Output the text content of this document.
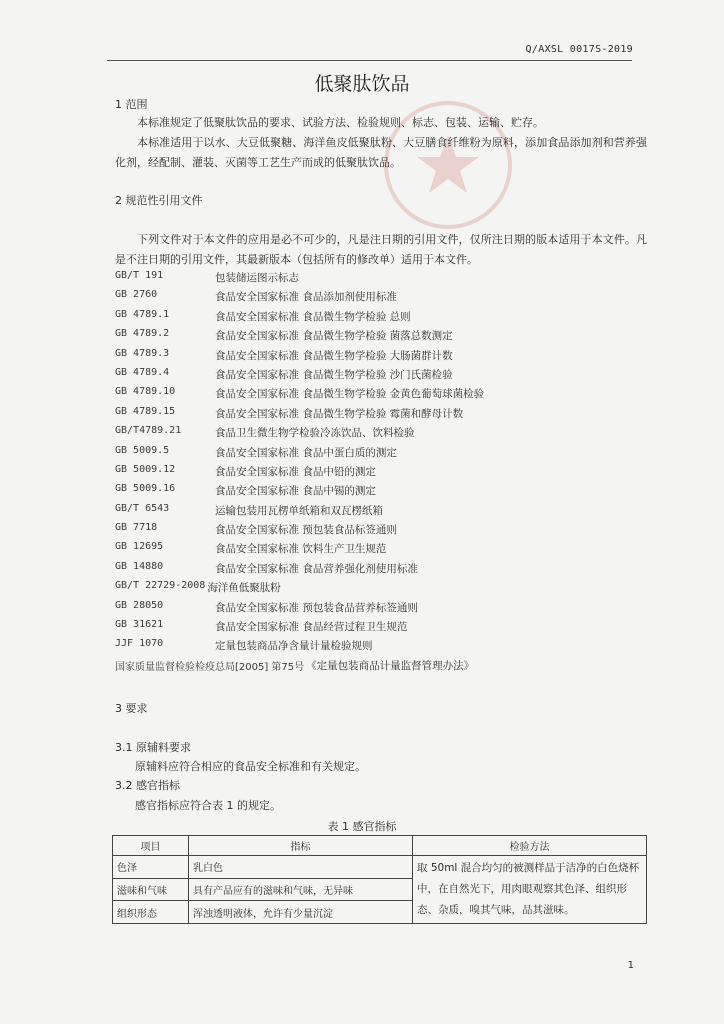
Q/AXSL 0017S-2019
低聚肽饮品
1 范围
本标准规定了低聚肽饮品的要求、试验方法、检验规则、标志、包装、运输、贮存。
本标准适用于以水、大豆低聚糖、海洋鱼皮低聚肽粉、大豆膳食纤维粉为原料，添加食品添加剂和营养强化剂，经配制、灌装、灭菌等工艺生产而成的低聚肽饮品。
2 规范性引用文件
下列文件对于本文件的应用是必不可少的，凡是注日期的引用文件，仅所注日期的版本适用于本文件。凡是不注日期的引用文件，其最新版本（包括所有的修改单）适用于本文件。
GB/T 191	包装储运图示标志
GB 2760	食品安全国家标准 食品添加剂使用标准
GB 4789.1	食品安全国家标准 食品微生物学检验 总则
GB 4789.2	食品安全国家标准 食品微生物学检验 菌落总数测定
GB 4789.3	食品安全国家标准 食品微生物学检验 大肠菌群计数
GB 4789.4	食品安全国家标准 食品微生物学检验 沙门氏菌检验
GB 4789.10	食品安全国家标准 食品微生物学检验 金黄色葡萄球菌检验
GB 4789.15	食品安全国家标准 食品微生物学检验 霉菌和酵母计数
GB/T4789.21	食品卫生微生物学检验冷冻饮品、饮料检验
GB 5009.5	食品安全国家标准 食品中蛋白质的测定
GB 5009.12	食品安全国家标准 食品中铅的测定
GB 5009.16	食品安全国家标准 食品中锡的测定
GB/T 6543	运输包装用瓦楞单纸箱和双瓦楞纸箱
GB 7718	食品安全国家标准 预包装食品标签通则
GB 12695	食品安全国家标准 饮料生产卫生规范
GB 14880	食品安全国家标准 食品营养强化剂使用标准
GB/T 22729-2008 海洋鱼低聚肽粉
GB 28050	食品安全国家标准 预包装食品营养标签通则
GB 31621	食品安全国家标准 食品经营过程卫生规范
JJF 1070	定量包装商品净含量计量检验规则
国家质量监督检验检疫总局[2005] 第75号 《定量包装商品计量监督管理办法》
3 要求
3.1 原辅料要求
原辅料应符合相应的食品安全标准和有关规定。
3.2 感官指标
感官指标应符合表 1 的规定。
表 1 感官指标
项目	指标	检验方法
色泽	乳白色	取 50ml 混合均匀的被测样品于洁净的白色烧杯中，在自然光下，用肉眼观察其色泽、组织形态、杂质，嗅其气味，品其滋味。
滋味和气味	具有产品应有的滋味和气味，无异味	
组织形态	浑浊透明液体，允许有少量沉淀	
1
